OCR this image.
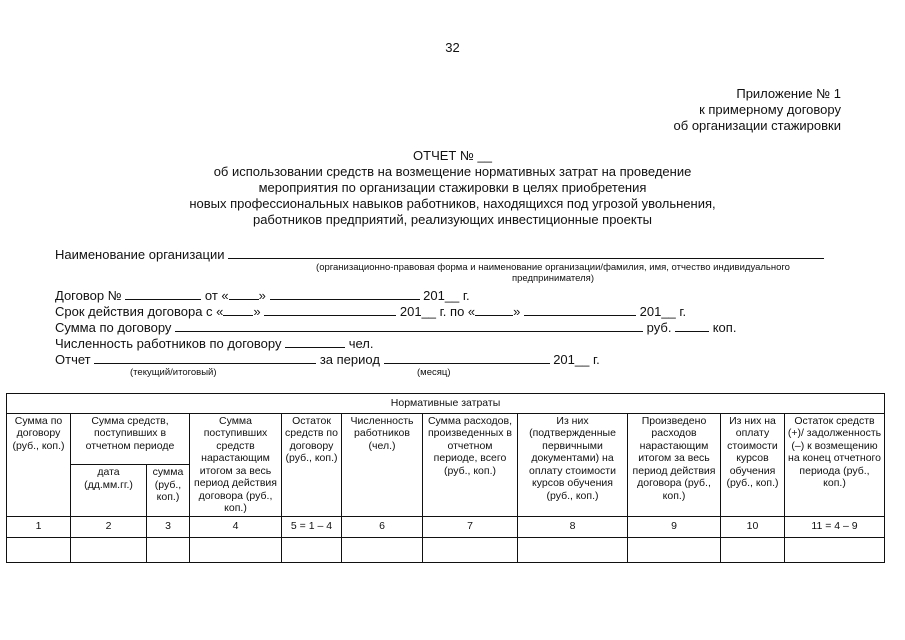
32
Приложение № 1
к примерному договору
об организации стажировки
ОТЧЕТ № __
об использовании средств на возмещение нормативных затрат на проведение
мероприятия по организации стажировки в целях приобретения
новых профессиональных навыков работников, находящихся под угрозой увольнения,
работников предприятий, реализующих инвестиционные проекты
Наименование организации
(организационно-правовая форма и наименование организации/фамилия, имя, отчество индивидуального
предпринимателя)
Договор №	от « »	201__ г.
Срок действия договора с « »	201__ г. по «	»	201__ г.
Сумма по договору	руб.	коп.
Численность работников по договору	чел.
Отчет	за период	201__ г.
(текущий/итоговый)	(месяц)
Нормативные затраты										
Сумма по договору (руб., коп.)	Сумма средств, поступивших в отчетном периоде		Сумма поступивших средств нарастающим итогом за весь период действия договора (руб., коп.)	Остаток средств по договору (руб., коп.)	Численность работников (чел.)	Сумма расходов, произведенных в отчетном периоде, всего (руб., коп.)	Из них (подтвержденные первичными документами) на оплату стоимости курсов обучения (руб., коп.)	Произведено расходов нарастающим итогом за весь период действия договора (руб., коп.)	Из них на оплату стоимости курсов обучения (руб., коп.)	Остаток средств (+)/ задолженность (–) к возмещению на конец отчетного периода (руб., коп.)
	дата (дд.мм.гг.)	сумма (руб., коп.)								
1	2	3	4	5 = 1 – 4	6	7	8	9	10	11 = 4 – 9
